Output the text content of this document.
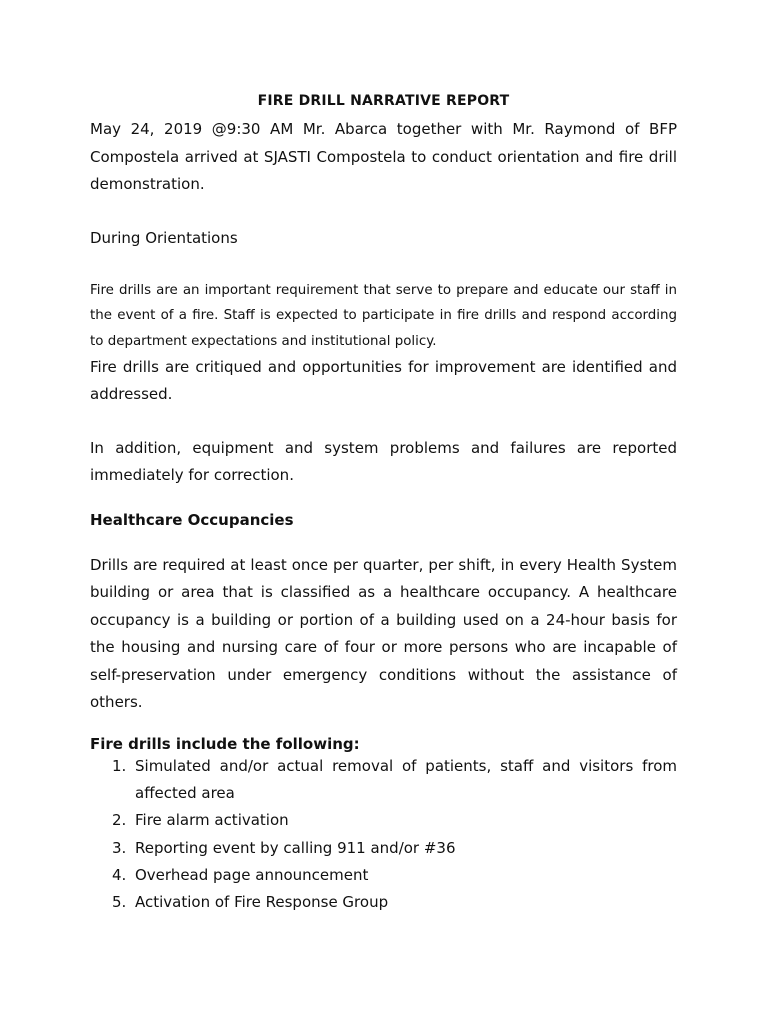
FIRE DRILL NARRATIVE REPORT

May 24, 2019 @9:30 AM Mr. Abarca together with Mr. Raymond of BFP Compostela arrived at SJASTI Compostela to conduct orientation and fire drill demonstration.

During Orientations

Fire drills are an important requirement that serve to prepare and educate our staff in the event of a fire. Staff is expected to participate in fire drills and respond according to department expectations and institutional policy.

Fire drills are critiqued and opportunities for improvement are identified and addressed.

In addition, equipment and system problems and failures are reported immediately for correction.

Healthcare Occupancies

Drills are required at least once per quarter, per shift, in every Health System building or area that is classified as a healthcare occupancy. A healthcare occupancy is a building or portion of a building used on a 24-hour basis for the housing and nursing care of four or more persons who are incapable of self-preservation under emergency conditions without the assistance of others.

Fire drills include the following:

1. Simulated and/or actual removal of patients, staff and visitors from affected area
2. Fire alarm activation
3. Reporting event by calling 911 and/or #36
4. Overhead page announcement
5. Activation of Fire Response Group
